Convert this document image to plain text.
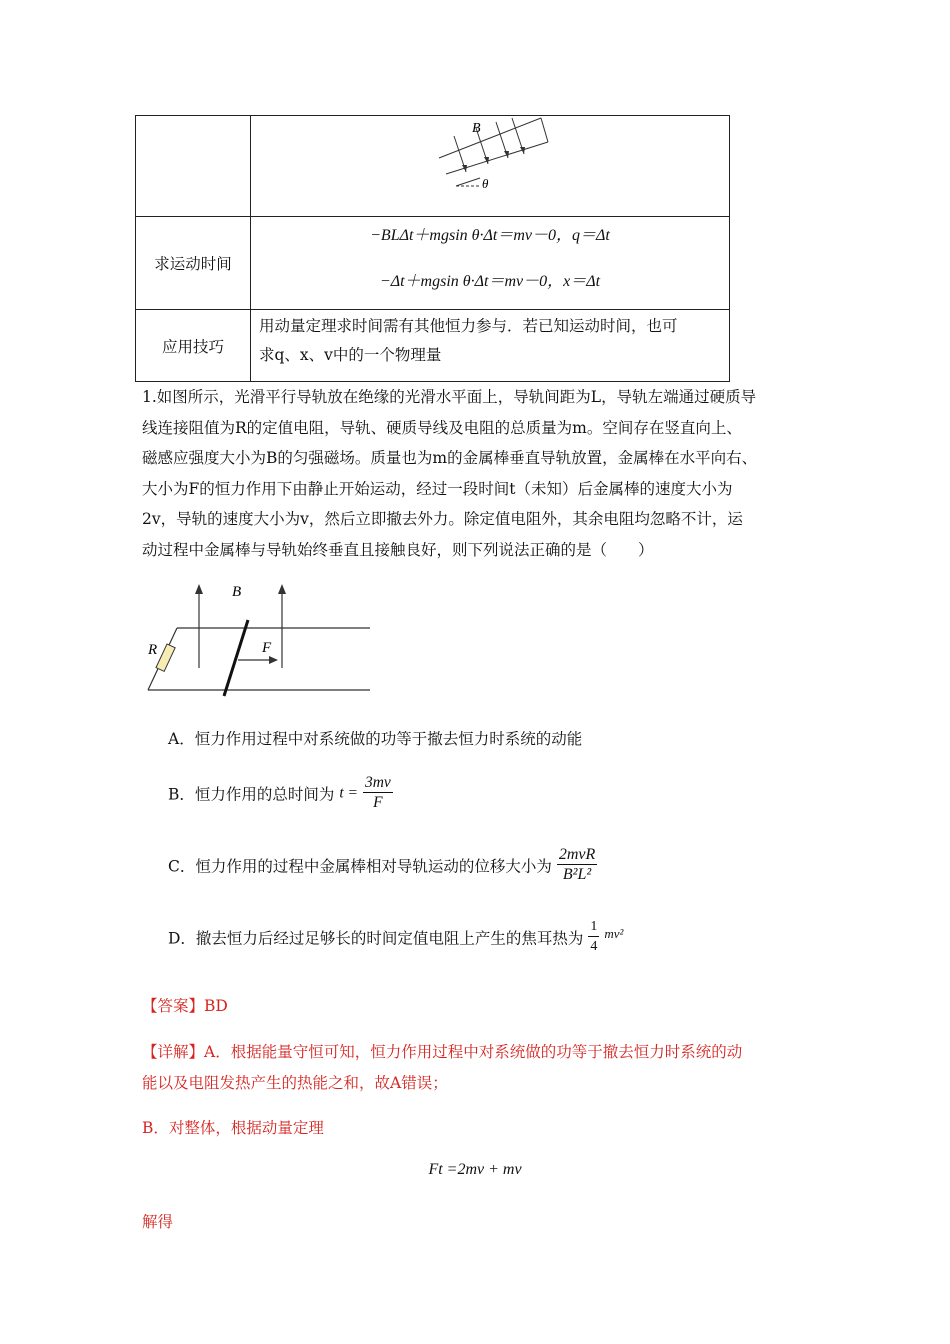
B
θ

求运动时间	−BLΔt＋mgsin θ·Δt＝mv－0，q＝Δt
−Δt＋mgsin θ·Δt＝mv－0，x＝Δt

应用技巧	用动量定理求时间需有其他恒力参与．若已知运动时间，也可
求q、x、v中的一个物理量
1.如图所示，光滑平行导轨放在绝缘的光滑水平面上，导轨间距为L，导轨左端通过硬质导
线连接阻值为R的定值电阻，导轨、硬质导线及电阻的总质量为m。空间存在竖直向上、
磁感应强度大小为B的匀强磁场。质量也为m的金属棒垂直导轨放置，金属棒在水平向右、
大小为F的恒力作用下由静止开始运动，经过一段时间t（未知）后金属棒的速度大小为
2v，导轨的速度大小为v，然后立即撤去外力。除定值电阻外，其余电阻均忽略不计，运
动过程中金属棒与导轨始终垂直且接触良好，则下列说法正确的是（　　）
B
R	F
A．恒力作用过程中对系统做的功等于撤去恒力时系统的动能
B．恒力作用的总时间为 $t = \frac{3mv}{F}$
C．恒力作用的过程中金属棒相对导轨运动的位移大小为 $\frac{\text{2mvR}}{\text{B²L²}}$
D．撤去恒力后经过足够长的时间定值电阻上产生的焦耳热为 $\frac{1}{4} ^{mv^2}$
【答案】BD
【详解】A．根据能量守恒可知，恒力作用过程中对系统做的功等于撤去恒力时系统的动
能以及电阻发热产生的热能之和，故A错误；
B．对整体，根据动量定理
Ft =2mv + mv
解得
